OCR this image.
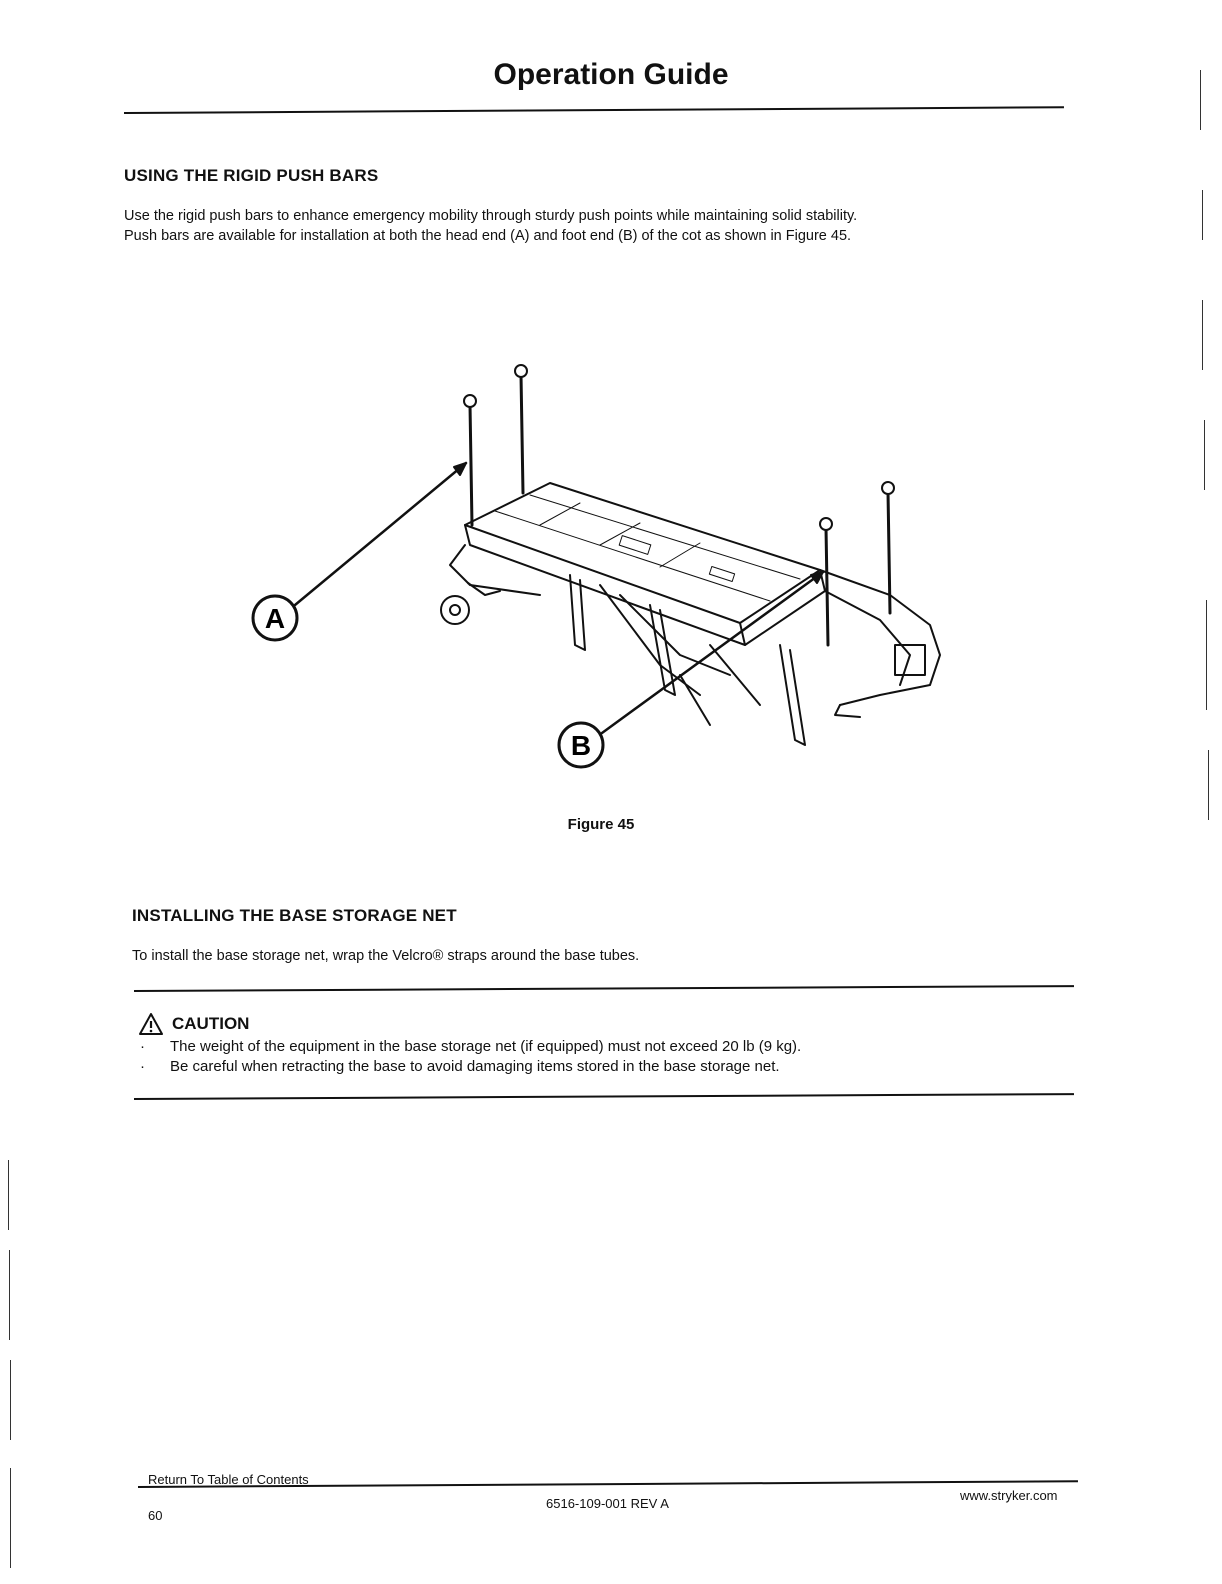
Operation Guide
USING THE RIGID PUSH BARS
Use the rigid push bars to enhance emergency mobility through sturdy push points while maintaining solid stability.
Push bars are available for installation at both the head end (A) and foot end (B) of the cot as shown in Figure 45.
A
B
Figure 45
INSTALLING THE BASE STORAGE NET
To install the base storage net, wrap the Velcro® straps around the base tubes.
CAUTION
· The weight of the equipment in the base storage net (if equipped) must not exceed 20 lb (9 kg).
· Be careful when retracting the base to avoid damaging items stored in the base storage net.
Return To Table of Contents
60
6516-109-001 REV A
www.stryker.com
